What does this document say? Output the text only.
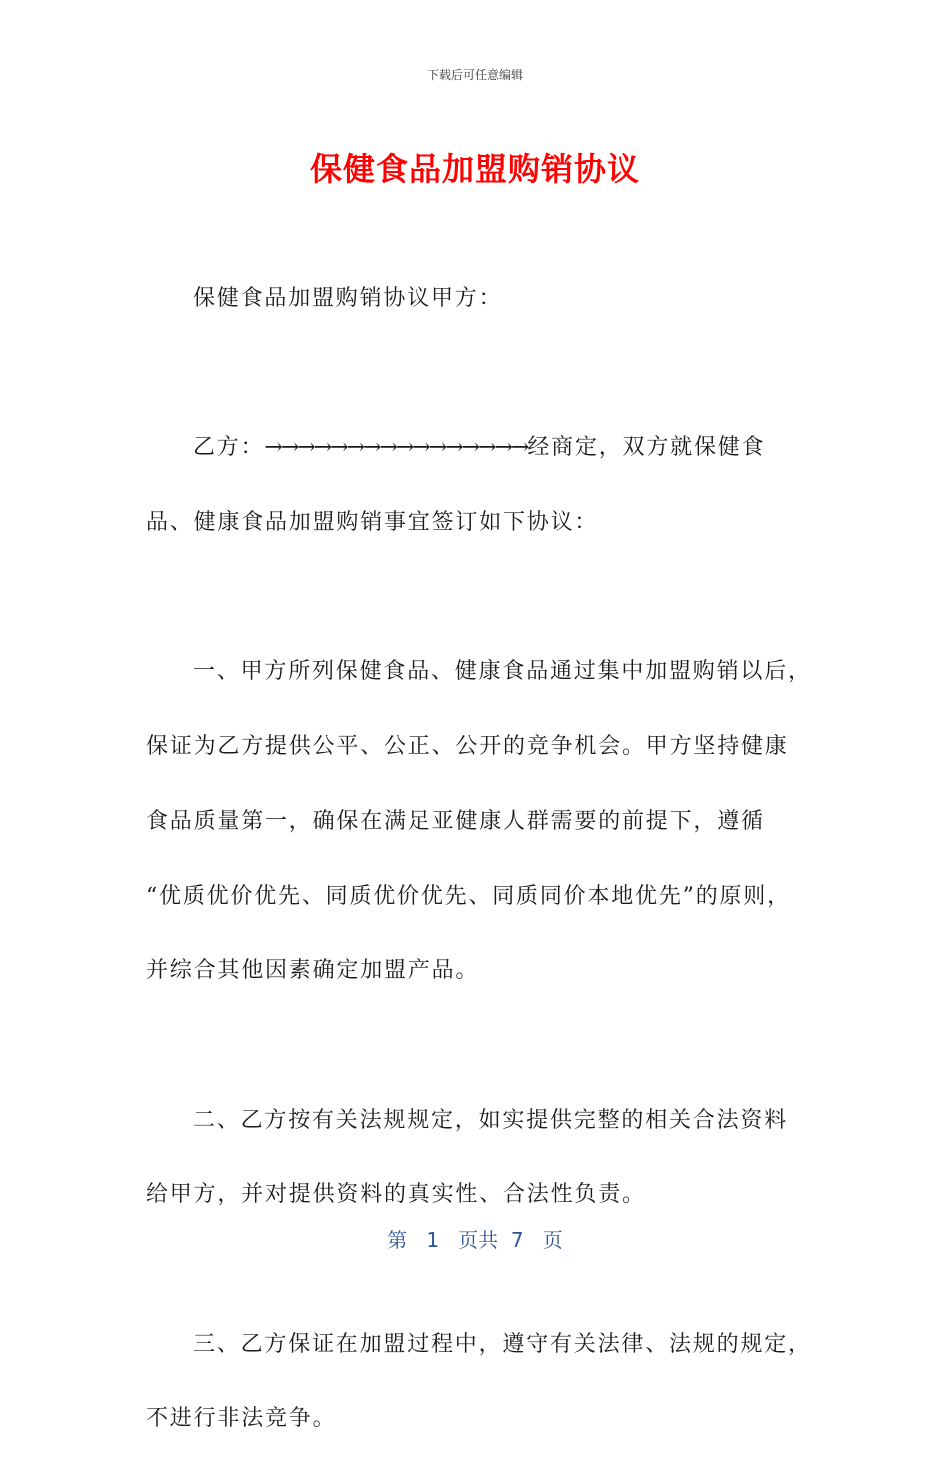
下载后可任意编辑
保健食品加盟购销协议
保健食品加盟购销协议甲方：
乙方：→→→→→→→→→→→→→→→→经商定，双方就保健食
品、健康食品加盟购销事宜签订如下协议：
一、甲方所列保健食品、健康食品通过集中加盟购销以后，
保证为乙方提供公平、公正、公开的竞争机会。甲方坚持健康
食品质量第一，确保在满足亚健康人群需要的前提下，遵循
“优质优价优先、同质优价优先、同质同价本地优先”的原则，
并综合其他因素确定加盟产品。
二、乙方按有关法规规定，如实提供完整的相关合法资料
给甲方，并对提供资料的真实性、合法性负责。
三、乙方保证在加盟过程中，遵守有关法律、法规的规定，
不进行非法竞争。
第 1 页共 7 页
